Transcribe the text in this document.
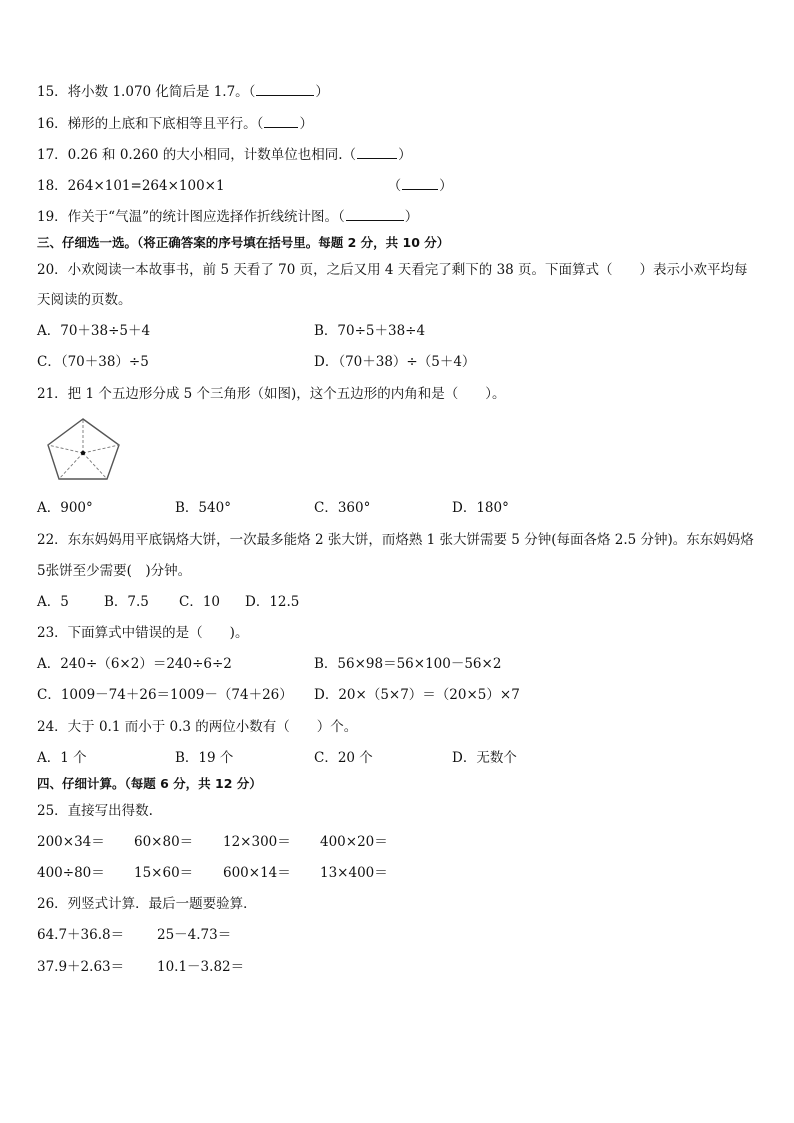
15．将小数 1.070 化简后是 1.7。（	）
16．梯形的上底和下底相等且平行。（	）
17．0.26 和 0.260 的大小相同，计数单位也相同.（	）
18．264×101=264×100×1	（	）
19．作关于“气温”的统计图应选择作折线统计图。（	）
三、仔细选一选。（将正确答案的序号填在括号里。每题 2 分，共 10 分）
20．小欢阅读一本故事书，前 5 天看了 70 页，之后又用 4 天看完了剩下的 38 页。下面算式（　　）表示小欢平均每
天阅读的页数。
A．70＋38÷5＋4	B．70÷5＋38÷4
C．（70＋38）÷5	D．（70＋38）÷（5＋4）
21．把 1 个五边形分成 5 个三角形（如图)，这个五边形的内角和是（　　）。
A．900°	B．540°	C．360°	D．180°
22．东东妈妈用平底锅烙大饼，一次最多能烙 2 张大饼，而烙熟 1 张大饼需要 5 分钟(每面各烙 2.5 分钟)。东东妈妈烙
5张饼至少需要(　)分钟。
A．5	B．7.5 C．10 D．12.5
23．下面算式中错误的是（　　)。
A．240÷（6×2）＝240÷6÷2	B．56×98＝56×100－56×2
C．1009－74＋26＝1009－（74＋26） D．20×（5×7）＝（20×5）×7
24．大于 0.1 而小于 0.3 的两位小数有（　　）个。
A．1 个	B．19 个	C．20 个	D．无数个
四、仔细计算。（每题 6 分，共 12 分）
25．直接写出得数.
200×34＝ 60×80＝ 12×300＝ 400×20＝
400÷80＝ 15×60＝ 600×14＝ 13×400＝
26．列竖式计算．最后一题要验算．
64.7＋36.8＝ 25－4.73＝
37.9＋2.63＝ 10.1－3.82＝
